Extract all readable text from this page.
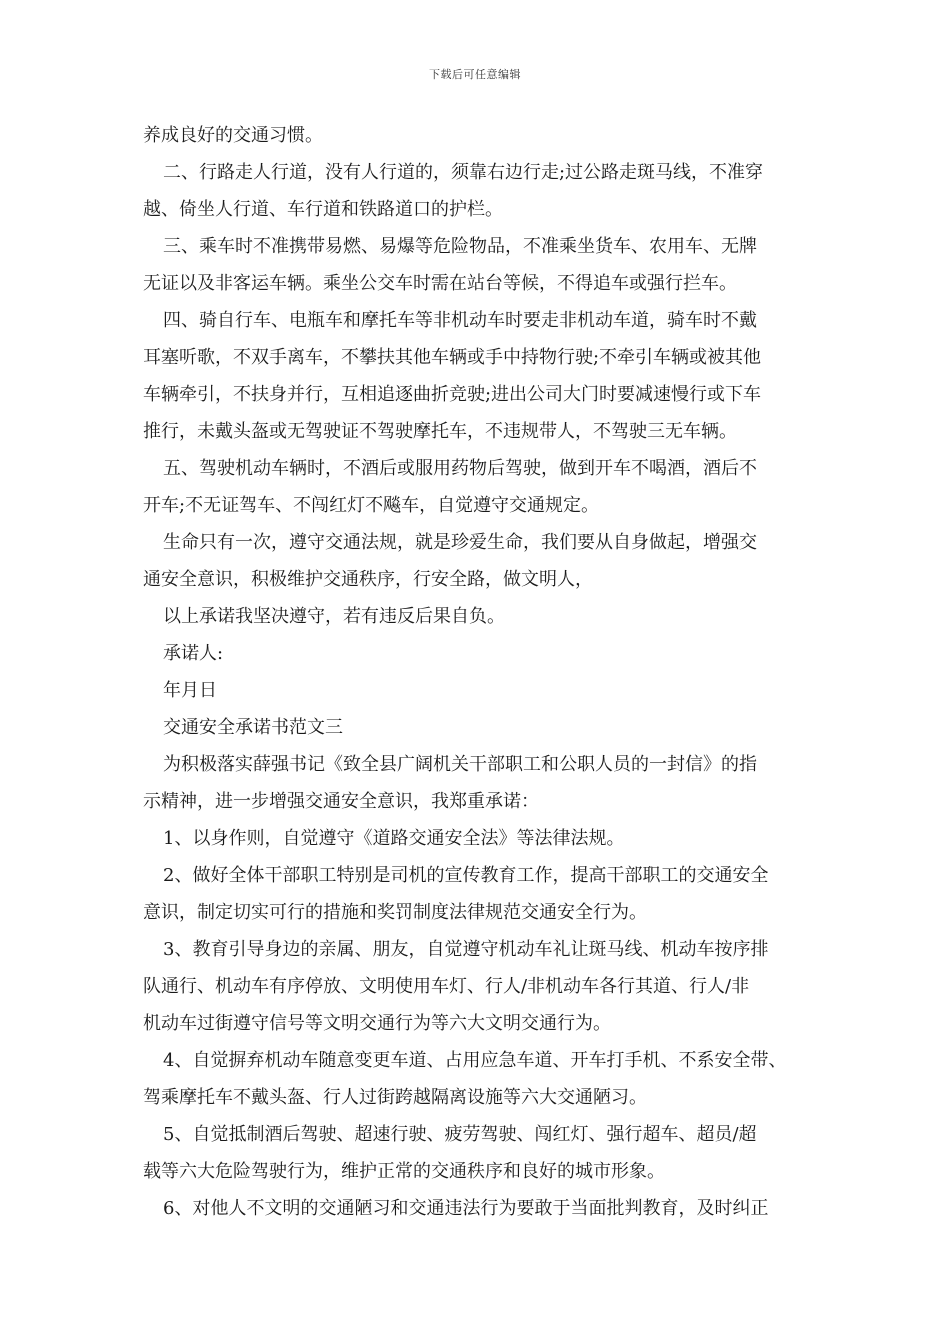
下载后可任意编辑
养成良好的交通习惯。
二、行路走人行道，没有人行道的，须靠右边行走;过公路走斑马线，不准穿
越、倚坐人行道、车行道和铁路道口的护栏。
三、乘车时不准携带易燃、易爆等危险物品，不准乘坐货车、农用车、无牌
无证以及非客运车辆。乘坐公交车时需在站台等候，不得追车或强行拦车。
四、骑自行车、电瓶车和摩托车等非机动车时要走非机动车道，骑车时不戴
耳塞听歌，不双手离车，不攀扶其他车辆或手中持物行驶;不牵引车辆或被其他
车辆牵引，不扶身并行，互相追逐曲折竞驶;进出公司大门时要减速慢行或下车
推行，未戴头盔或无驾驶证不驾驶摩托车，不违规带人，不驾驶三无车辆。
五、驾驶机动车辆时，不酒后或服用药物后驾驶，做到开车不喝酒，酒后不
开车;不无证驾车、不闯红灯不飚车，自觉遵守交通规定。
生命只有一次，遵守交通法规，就是珍爱生命，我们要从自身做起，增强交
通安全意识，积极维护交通秩序，行安全路，做文明人，
以上承诺我坚决遵守，若有违反后果自负。
承诺人:
年月日
交通安全承诺书范文三
为积极落实薛强书记《致全县广阔机关干部职工和公职人员的一封信》的指
示精神，进一步增强交通安全意识，我郑重承诺：
1、以身作则，自觉遵守《道路交通安全法》等法律法规。
2、做好全体干部职工特别是司机的宣传教育工作，提高干部职工的交通安全
意识，制定切实可行的措施和奖罚制度法律规范交通安全行为。
3、教育引导身边的亲属、朋友，自觉遵守机动车礼让斑马线、机动车按序排
队通行、机动车有序停放、文明使用车灯、行人/非机动车各行其道、行人/非
机动车过街遵守信号等文明交通行为等六大文明交通行为。
4、自觉摒弃机动车随意变更车道、占用应急车道、开车打手机、不系安全带、
驾乘摩托车不戴头盔、行人过街跨越隔离设施等六大交通陋习。
5、自觉抵制酒后驾驶、超速行驶、疲劳驾驶、闯红灯、强行超车、超员/超
载等六大危险驾驶行为，维护正常的交通秩序和良好的城市形象。
6、对他人不文明的交通陋习和交通违法行为要敢于当面批判教育，及时纠正
